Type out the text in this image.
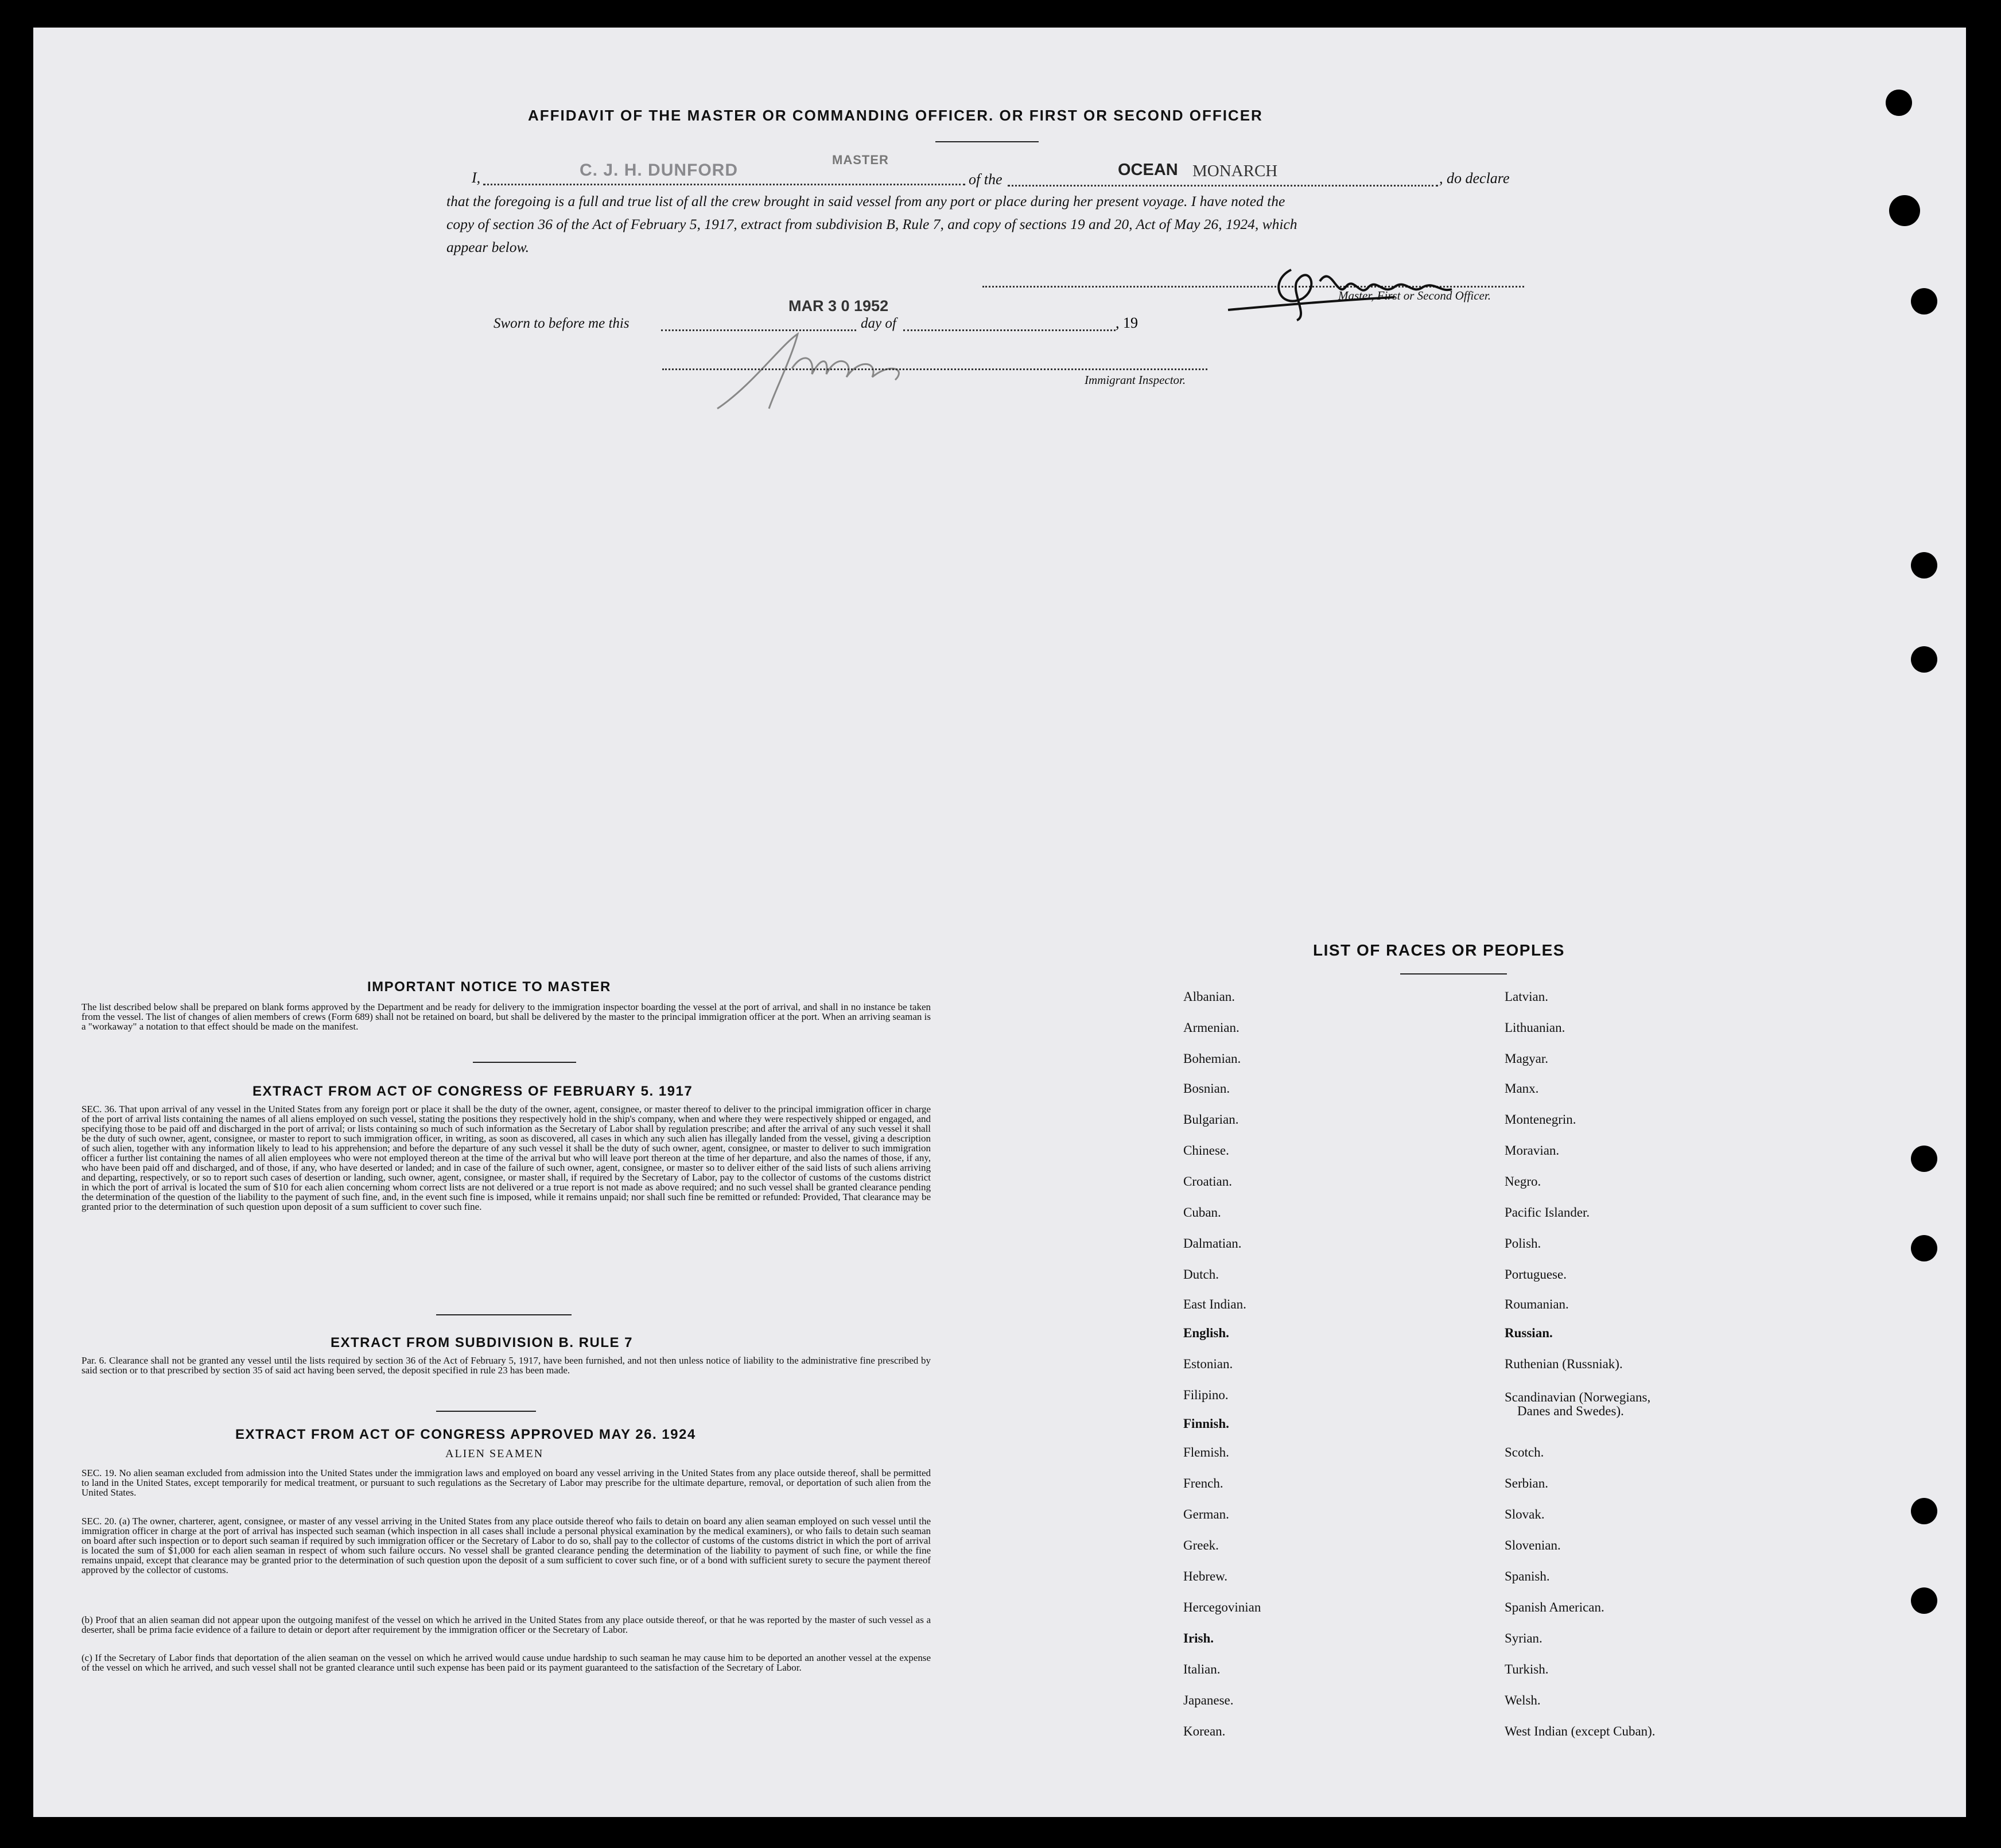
AFFIDAVIT OF THE MASTER OR COMMANDING OFFICER. OR FIRST OR SECOND OFFICER
I,	C. J. H. DUNFORD
MASTER
of the
OCEAN MONARCH	, do declare
that the foregoing is a full and true list of all the crew brought in said vessel from any port or place during her present voyage. I have noted the
copy of section 36 of the Act of February 5, 1917, extract from subdivision B, Rule 7, and copy of sections 19 and 20, Act of May 26, 1924, which
appear below.
Master, First or Second Officer.
Sworn to before me this
MAR 3 0 1952
day of	, 19
Immigrant Inspector.
IMPORTANT NOTICE TO MASTER
The list described below shall be prepared on blank forms approved by the Department and be ready for delivery to the immigration inspector boarding the vessel at the port of arrival, and shall in no instance be taken from the vessel. The list of changes of alien members of crews (Form 689) shall not be retained on board, but shall be delivered by the master to the principal immigration officer at the port. When an arriving seaman is a "workaway" a notation to that effect should be made on the manifest.
EXTRACT FROM ACT OF CONGRESS OF FEBRUARY 5. 1917
SEC. 36. That upon arrival of any vessel in the United States from any foreign port or place it shall be the duty of the owner, agent, consignee, or master thereof to deliver to the principal immigration officer in charge of the port of arrival lists containing the names of all aliens employed on such vessel, stating the positions they respectively hold in the ship's company, when and where they were respectively shipped or engaged, and specifying those to be paid off and discharged in the port of arrival; or lists containing so much of such information as the Secretary of Labor shall by regulation prescribe; and after the arrival of any such vessel it shall be the duty of such owner, agent, consignee, or master to report to such immigration officer, in writing, as soon as discovered, all cases in which any such alien has illegally landed from the vessel, giving a description of such alien, together with any information likely to lead to his apprehension; and before the departure of any such vessel it shall be the duty of such owner, agent, consignee, or master to deliver to such immigration officer a further list containing the names of all alien employees who were not employed thereon at the time of the arrival but who will leave port thereon at the time of her departure, and also the names of those, if any, who have been paid off and discharged, and of those, if any, who have deserted or landed; and in case of the failure of such owner, agent, consignee, or master so to deliver either of the said lists of such aliens arriving and departing, respectively, or so to report such cases of desertion or landing, such owner, agent, consignee, or master shall, if required by the Secretary of Labor, pay to the collector of customs of the customs district in which the port of arrival is located the sum of $10 for each alien concerning whom correct lists are not delivered or a true report is not made as above required; and no such vessel shall be granted clearance pending the determination of the question of the liability to the payment of such fine, and, in the event such fine is imposed, while it remains unpaid; nor shall such fine be remitted or refunded: Provided, That clearance may be granted prior to the determination of such question upon deposit of a sum sufficient to cover such fine.
EXTRACT FROM SUBDIVISION B. RULE 7
Par. 6. Clearance shall not be granted any vessel until the lists required by section 36 of the Act of February 5, 1917, have been furnished, and not then unless notice of liability to the administrative fine prescribed by said section or to that prescribed by section 35 of said act having been served, the deposit specified in rule 23 has been made.
EXTRACT FROM ACT OF CONGRESS APPROVED MAY 26. 1924
ALIEN SEAMEN
SEC. 19. No alien seaman excluded from admission into the United States under the immigration laws and employed on board any vessel arriving in the United States from any place outside thereof, shall be permitted to land in the United States, except temporarily for medical treatment, or pursuant to such regulations as the Secretary of Labor may prescribe for the ultimate departure, removal, or deportation of such alien from the United States.
SEC. 20. (a) The owner, charterer, agent, consignee, or master of any vessel arriving in the United States from any place outside thereof who fails to detain on board any alien seaman employed on such vessel until the immigration officer in charge at the port of arrival has inspected such seaman (which inspection in all cases shall include a personal physical examination by the medical examiners), or who fails to detain such seaman on board after such inspection or to deport such seaman if required by such immigration officer or the Secretary of Labor to do so, shall pay to the collector of customs of the customs district in which the port of arrival is located the sum of $1,000 for each alien seaman in respect of whom such failure occurs. No vessel shall be granted clearance pending the determination of the liability to payment of such fine, or while the fine remains unpaid, except that clearance may be granted prior to the determination of such question upon the deposit of a sum sufficient to cover such fine, or of a bond with sufficient surety to secure the payment thereof approved by the collector of customs.
(b) Proof that an alien seaman did not appear upon the outgoing manifest of the vessel on which he arrived in the United States from any place outside thereof, or that he was reported by the master of such vessel as a deserter, shall be prima facie evidence of a failure to detain or deport after requirement by the immigration officer or the Secretary of Labor.
(c) If the Secretary of Labor finds that deportation of the alien seaman on the vessel on which he arrived would cause undue hardship to such seaman he may cause him to be deported an another vessel at the expense of the vessel on which he arrived, and such vessel shall not be granted clearance until such expense has been paid or its payment guaranteed to the satisfaction of the Secretary of Labor.
LIST OF RACES OR PEOPLES
Albanian.
Armenian.
Bohemian.
Bosnian.
Bulgarian.
Chinese.
Croatian.
Cuban.
Dalmatian.
Dutch.
East Indian.
English.
Estonian.
Filipino.
Finnish.
Flemish.
French.
German.
Greek.
Hebrew.
Hercegovinian
Irish.
Italian.
Japanese.
Korean.
Latvian.
Lithuanian.
Magyar.
Manx.
Montenegrin.
Moravian.
Negro.
Pacific Islander.
Polish.
Portuguese.
Roumanian.
Russian.
Ruthenian (Russniak).
Scandinavian (Norwegians,
Danes and Swedes).
Scotch.
Serbian.
Slovak.
Slovenian.
Spanish.
Spanish American.
Syrian.
Turkish.
Welsh.
West Indian (except Cuban).
